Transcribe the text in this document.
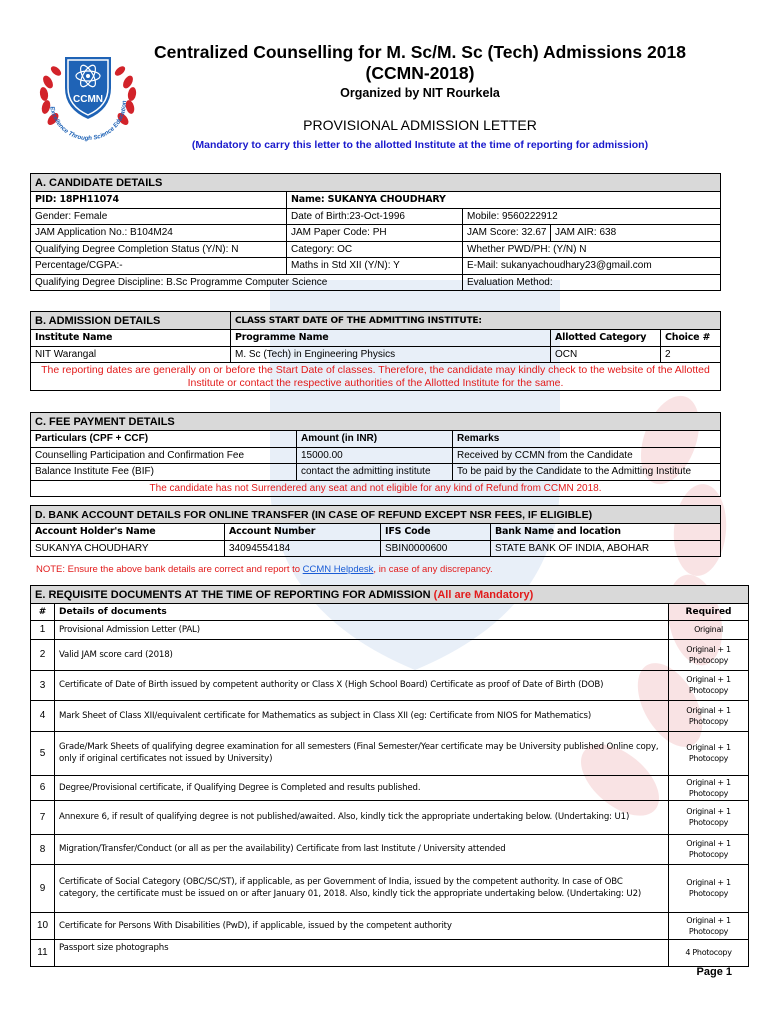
CCMN
Excellence Through Science Education
Centralized Counselling for M. Sc/M. Sc (Tech) Admissions 2018
(CCMN-2018)
Organized by NIT Rourkela
PROVISIONAL ADMISSION LETTER
(Mandatory to carry this letter to the allotted Institute at the time of reporting for admission)
A. CANDIDATE DETAILS			
PID: 18PH11074	Name: SUKANYA CHOUDHARY		
Gender: Female	Date of Birth:23-Oct-1996	Mobile: 9560222912	
JAM Application No.: B104M24	JAM Paper Code: PH	JAM Score: 32.67	JAM AIR: 638
Qualifying Degree Completion Status (Y/N): N	Category: OC	Whether PWD/PH: (Y/N) N	
Percentage/CGPA:-	Maths in Std XII (Y/N): Y	E-Mail: sukanyachoudhary23@gmail.com	
Qualifying Degree Discipline: B.Sc Programme Computer Science		Evaluation Method:	
B. ADMISSION DETAILS	CLASS START DATE OF THE ADMITTING INSTITUTE:		
Institute Name	Programme Name	Allotted Category	Choice #
NIT Warangal	M. Sc (Tech) in Engineering Physics	OCN	2
The reporting dates are generally on or before the Start Date of classes. Therefore, the candidate may kindly check to the website of the Allotted Institute or contact the respective authorities of the Allotted Institute for the same.			
C. FEE PAYMENT DETAILS		
Particulars (CPF + CCF)	Amount (in INR)	Remarks
Counselling Participation and Confirmation Fee	15000.00	Received by CCMN from the Candidate
Balance Institute Fee (BIF)	contact the admitting institute	To be paid by the Candidate to the Admitting Institute
The candidate has not Surrendered any seat and not eligible for any kind of Refund from CCMN 2018.		
D. BANK ACCOUNT DETAILS FOR ONLINE TRANSFER (IN CASE OF REFUND EXCEPT NSR FEES, IF ELIGIBLE)			
Account Holder's Name	Account Number	IFS Code	Bank Name and location
SUKANYA CHOUDHARY	34094554184	SBIN0000600	STATE BANK OF INDIA, ABOHAR
NOTE: Ensure the above bank details are correct and report to CCMN Helpdesk, in case of any discrepancy.
E. REQUISITE DOCUMENTS AT THE TIME OF REPORTING FOR ADMISSION (All are Mandatory)		
#	Details of documents	Required
1	Provisional Admission Letter (PAL)	Original
2	Valid JAM score card (2018)	Original + 1 Photocopy
3	Certificate of Date of Birth issued by competent authority or Class X (High School Board) Certificate as proof of Date of Birth (DOB)	Original + 1 Photocopy
4	Mark Sheet of Class XII/equivalent certificate for Mathematics as subject in Class XII (eg: Certificate from NIOS for Mathematics)	Original + 1 Photocopy
5	Grade/Mark Sheets of qualifying degree examination for all semesters (Final Semester/Year certificate may be University published Online copy, only if original certificates not issued by University)	Original + 1 Photocopy
6	Degree/Provisional certificate, if Qualifying Degree is Completed and results published.	Original + 1 Photocopy
7	Annexure 6, if result of qualifying degree is not published/awaited. Also, kindly tick the appropriate undertaking below. (Undertaking: U1)	Original + 1 Photocopy
8	Migration/Transfer/Conduct (or all as per the availability) Certificate from last Institute / University attended	Original + 1 Photocopy
9	Certificate of Social Category (OBC/SC/ST), if applicable, as per Government of India, issued by the competent authority. In case of OBC category, the certificate must be issued on or after January 01, 2018. Also, kindly tick the appropriate undertaking below. (Undertaking: U2)	Original + 1 Photocopy
10	Certificate for Persons With Disabilities (PwD), if applicable, issued by the competent authority	Original + 1 Photocopy
11	Passport size photographs	4 Photocopy
Page 1
